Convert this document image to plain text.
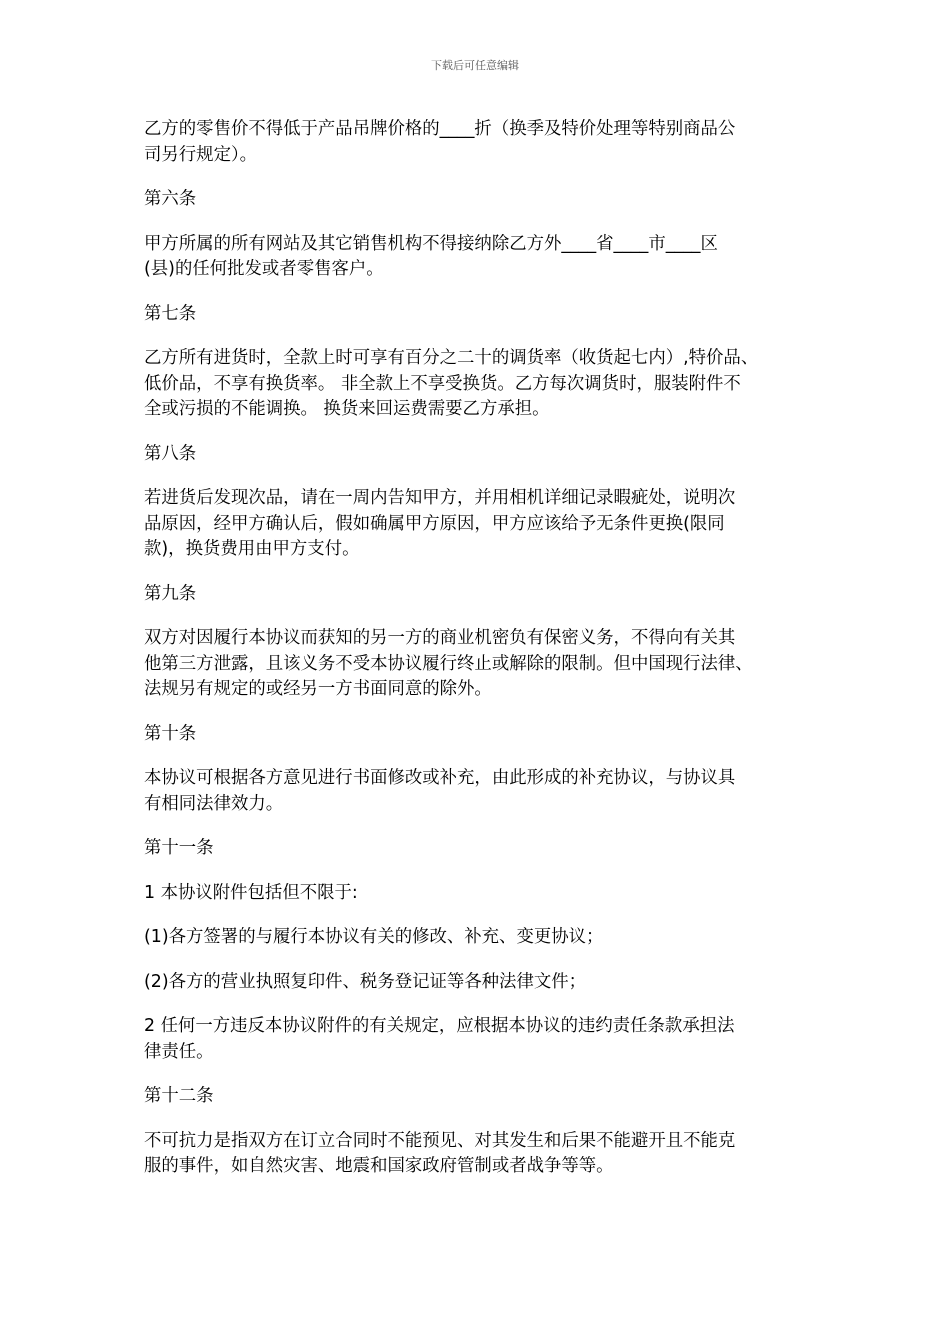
下载后可任意编辑

乙方的零售价不得低于产品吊牌价格的____折（换季及特价处理等特别商品公
司另行规定）。

第六条

甲方所属的所有网站及其它销售机构不得接纳除乙方外____省____市____区
(县)的任何批发或者零售客户。

第七条

乙方所有进货时，全款上时可享有百分之二十的调货率（收货起七内）,特价品、
低价品，不享有换货率。 非全款上不享受换货。乙方每次调货时，服装附件不
全或污损的不能调换。 换货来回运费需要乙方承担。

第八条

若进货后发现次品，请在一周内告知甲方，并用相机详细记录暇疵处，说明次
品原因，经甲方确认后，假如确属甲方原因，甲方应该给予无条件更换(限同
款)，换货费用由甲方支付。

第九条

双方对因履行本协议而获知的另一方的商业机密负有保密义务，不得向有关其
他第三方泄露，且该义务不受本协议履行终止或解除的限制。但中国现行法律、
法规另有规定的或经另一方书面同意的除外。

第十条

本协议可根据各方意见进行书面修改或补充，由此形成的补充协议，与协议具
有相同法律效力。

第十一条

1 本协议附件包括但不限于:

(1)各方签署的与履行本协议有关的修改、补充、变更协议；

(2)各方的营业执照复印件、税务登记证等各种法律文件；

2 任何一方违反本协议附件的有关规定，应根据本协议的违约责任条款承担法
律责任。

第十二条

不可抗力是指双方在订立合同时不能预见、对其发生和后果不能避开且不能克
服的事件，如自然灾害、地震和国家政府管制或者战争等等。
